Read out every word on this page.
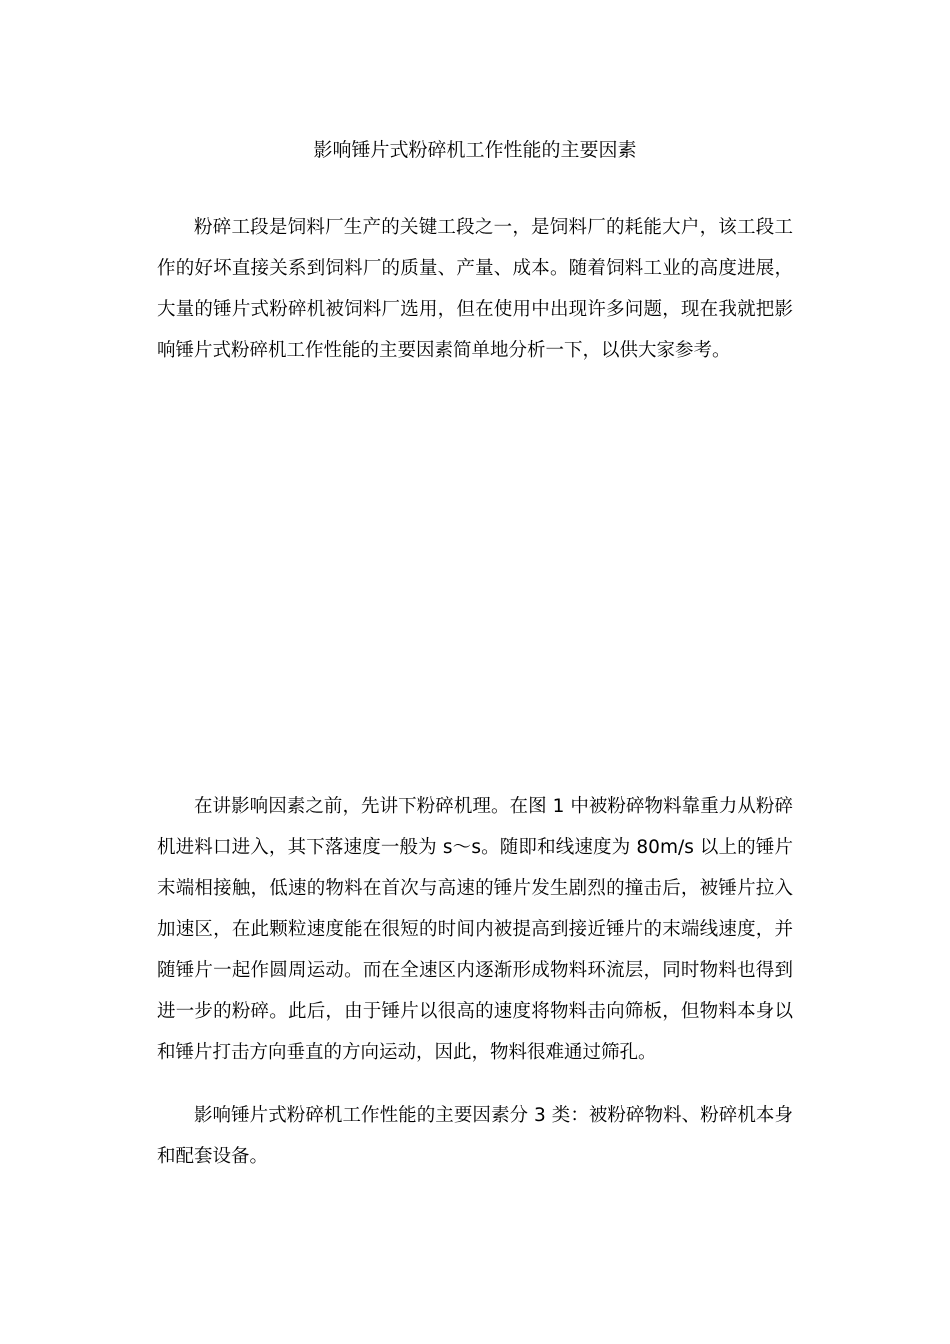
影响锤片式粉碎机工作性能的主要因素

粉碎工段是饲料厂生产的关键工段之一，是饲料厂的耗能大户，该工段工作的好坏直接关系到饲料厂的质量、产量、成本。随着饲料工业的高度进展，大量的锤片式粉碎机被饲料厂选用，但在使用中出现许多问题，现在我就把影响锤片式粉碎机工作性能的主要因素简单地分析一下，以供大家参考。

在讲影响因素之前，先讲下粉碎机理。在图 1 中被粉碎物料靠重力从粉碎机进料口进入，其下落速度一般为 s～s。随即和线速度为 80m/s 以上的锤片末端相接触，低速的物料在首次与高速的锤片发生剧烈的撞击后，被锤片拉入加速区，在此颗粒速度能在很短的时间内被提高到接近锤片的末端线速度，并随锤片一起作圆周运动。而在全速区内逐渐形成物料环流层，同时物料也得到进一步的粉碎。此后，由于锤片以很高的速度将物料击向筛板，但物料本身以和锤片打击方向垂直的方向运动，因此，物料很难通过筛孔。

影响锤片式粉碎机工作性能的主要因素分 3 类：被粉碎物料、粉碎机本身和配套设备。
